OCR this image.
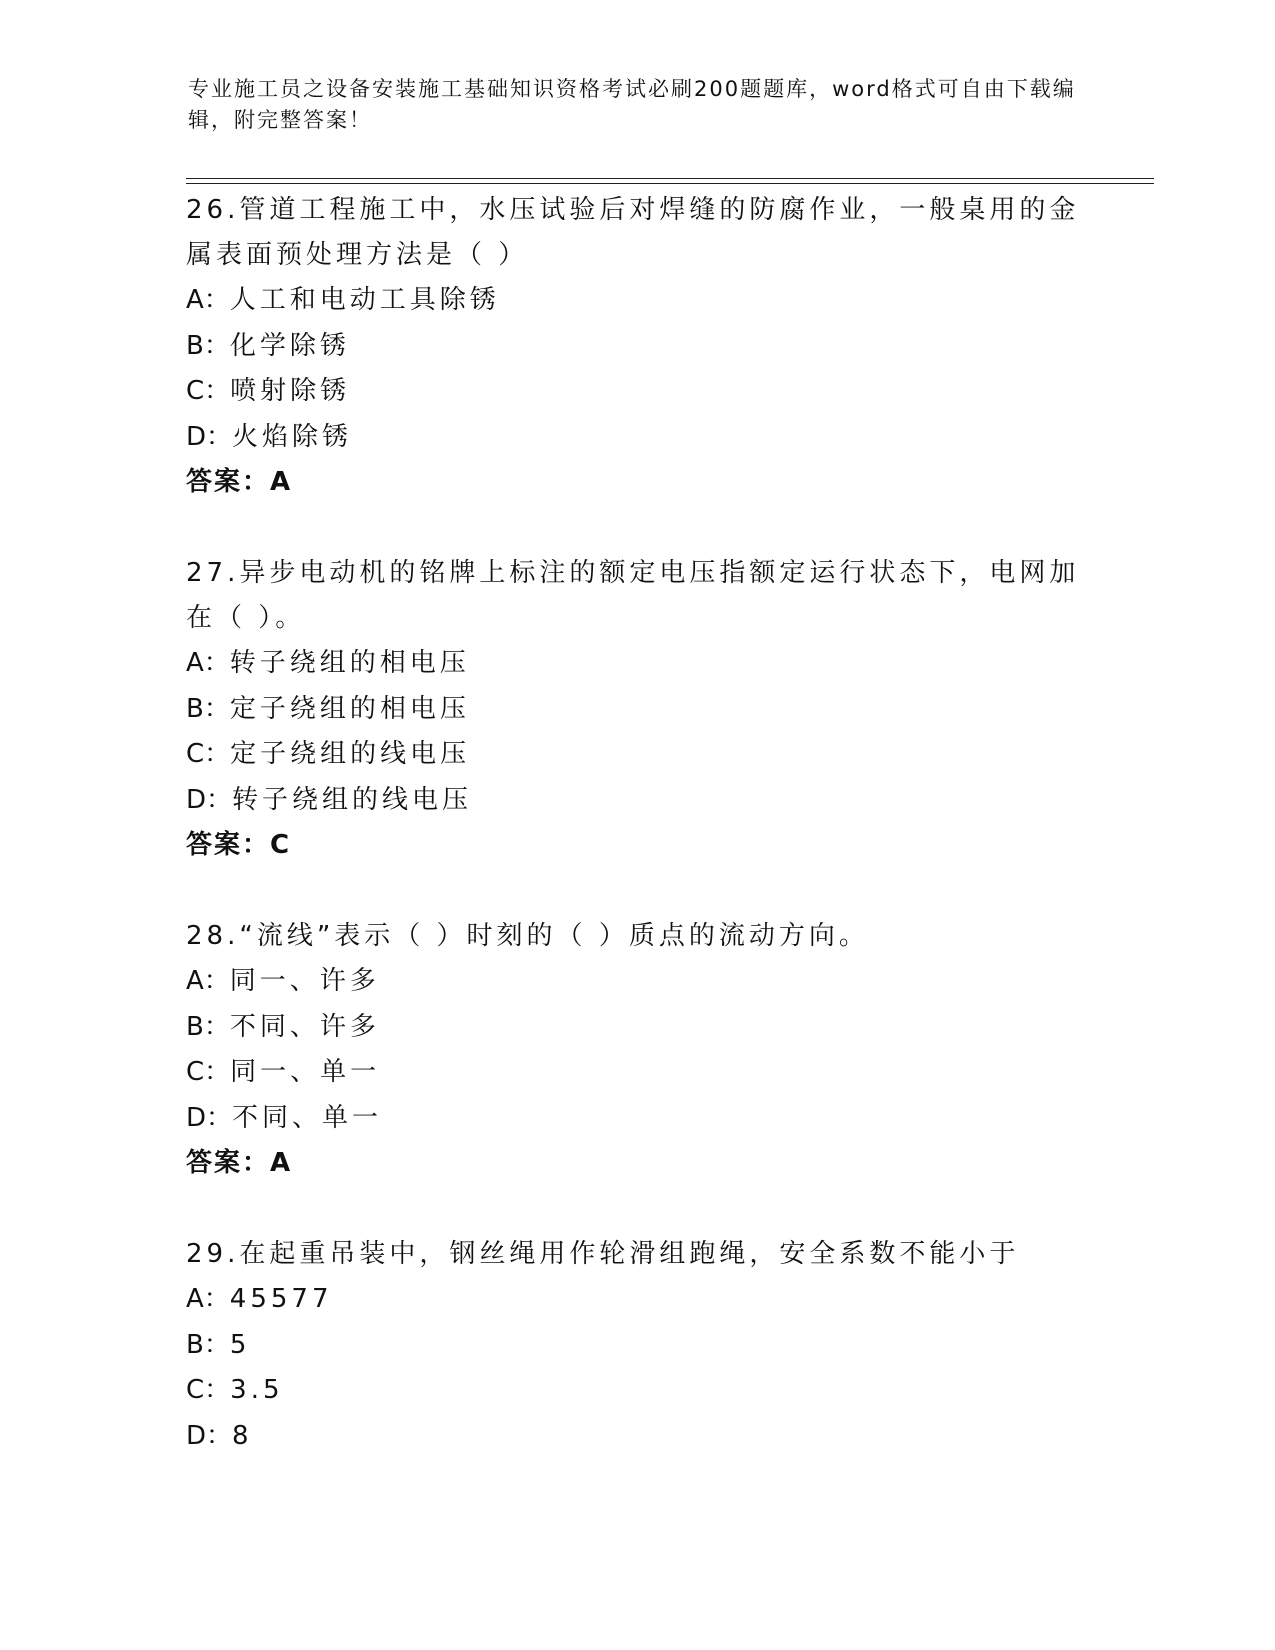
专业施工员之设备安装施工基础知识资格考试必刷200题题库，word格式可自由下载编辑，附完整答案！

26.管道工程施工中，水压试验后对焊缝的防腐作业，一般桌用的金属表面预处理方法是（ ）

A：人工和电动工具除锈

B：化学除锈

C：喷射除锈

D：火焰除锈

答案：A

27.异步电动机的铭牌上标注的额定电压指额定运行状态下，电网加在（ ）。

A：转子绕组的相电压

B：定子绕组的相电压

C：定子绕组的线电压

D：转子绕组的线电压

答案：C

28.“流线”表示（ ）时刻的（ ）质点的流动方向。

A：同一、许多

B：不同、许多

C：同一、单一

D：不同、单一

答案：A

29.在起重吊装中，钢丝绳用作轮滑组跑绳，安全系数不能小于

A：45577

B：5

C：3.5

D：8
